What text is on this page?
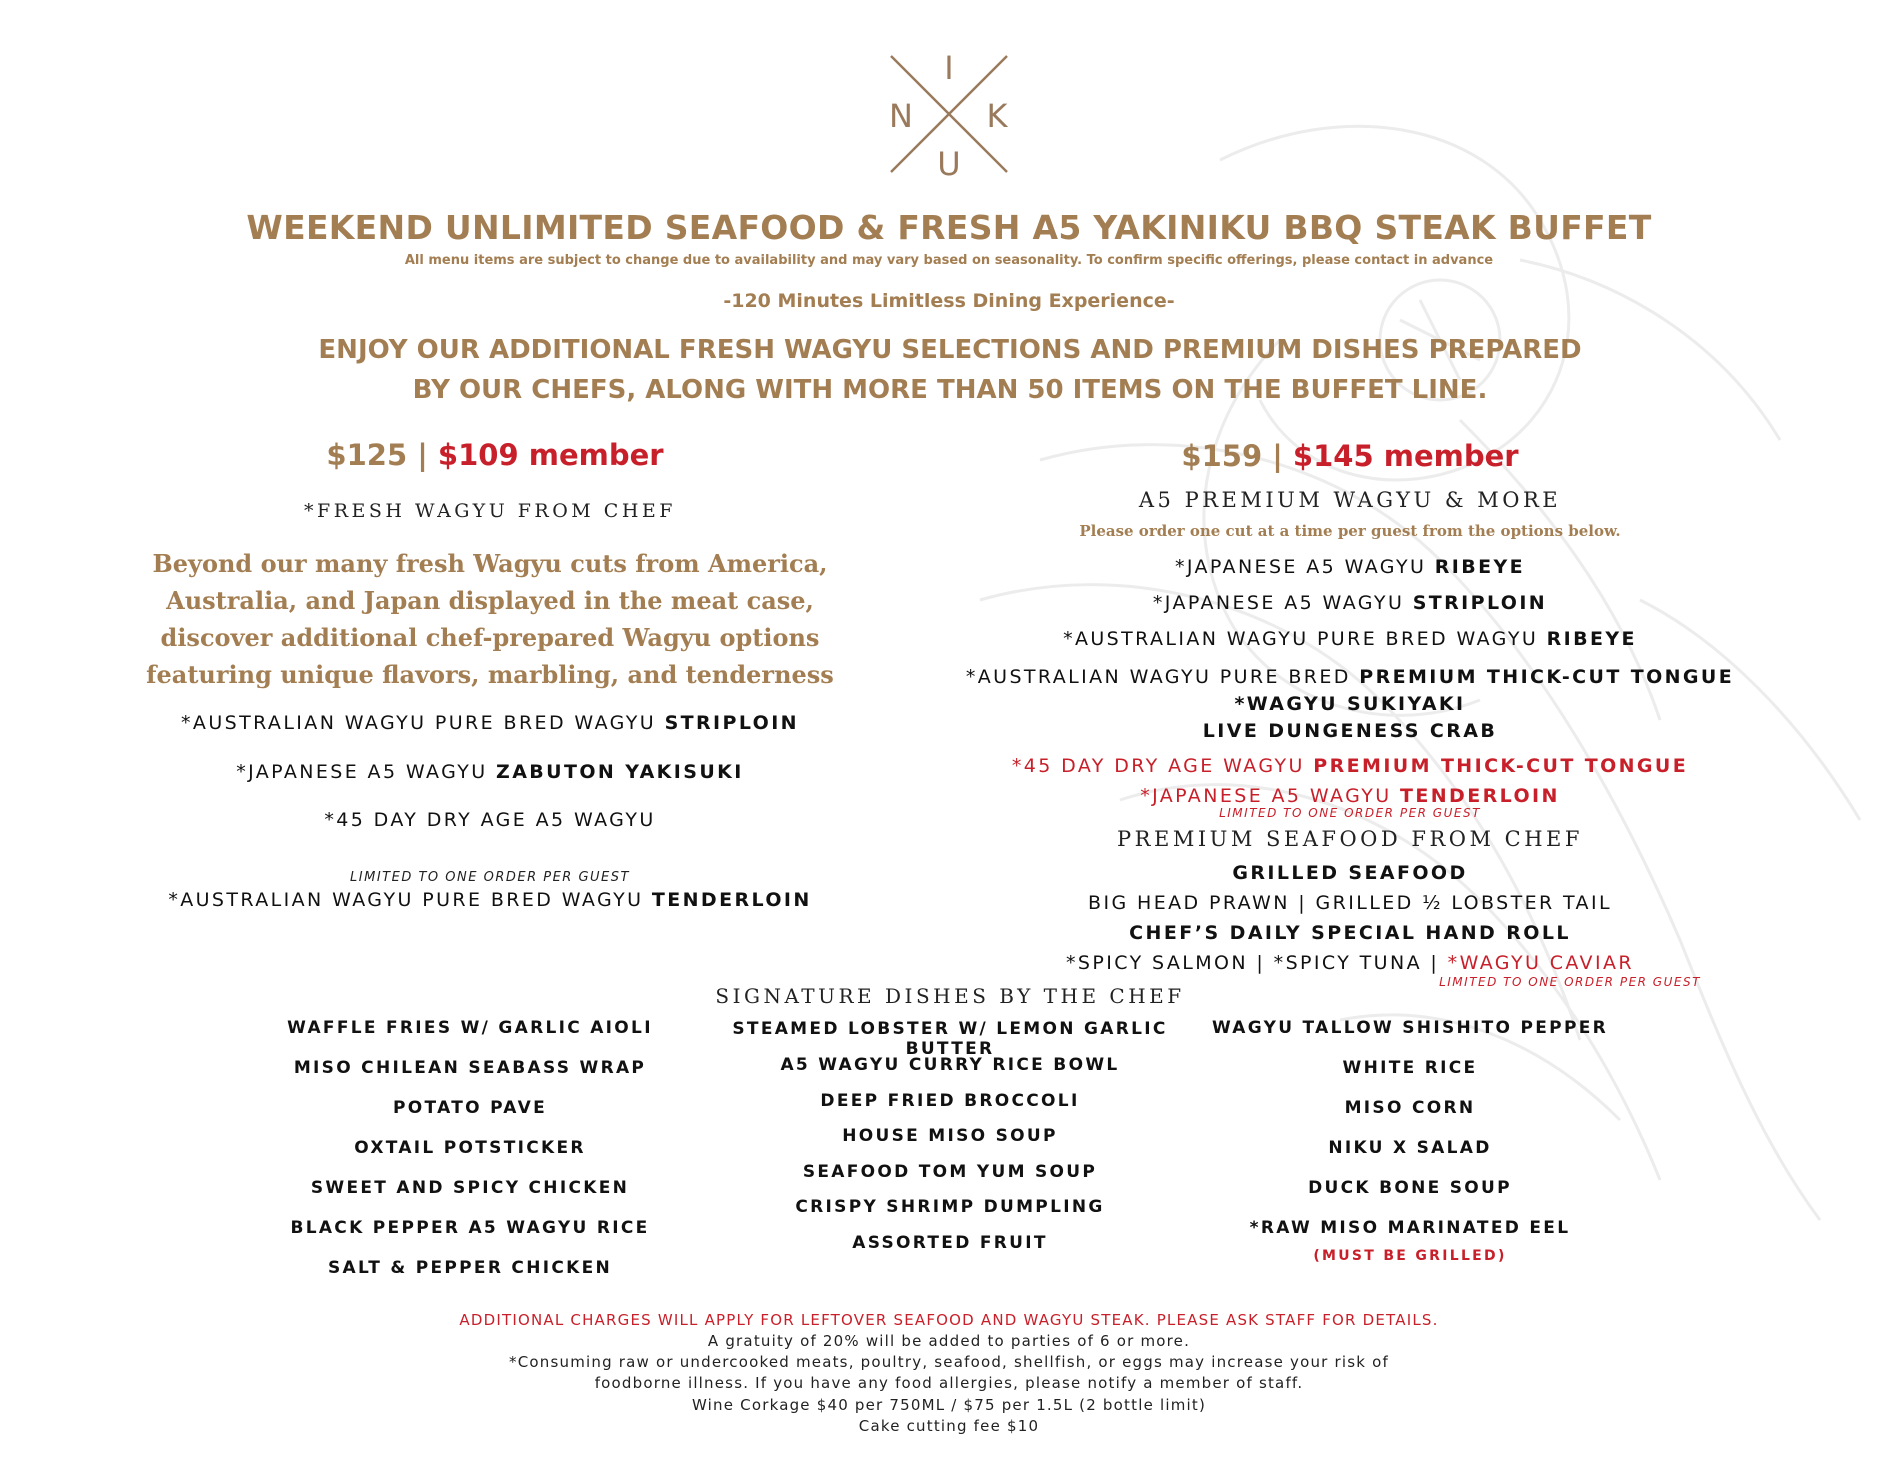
I
N K
U
WEEKEND UNLIMITED SEAFOOD & FRESH A5 YAKINIKU BBQ STEAK BUFFET
All menu items are subject to change due to availability and may vary based on seasonality. To confirm specific offerings, please contact in advance
-120 Minutes Limitless Dining Experience-
ENJOY OUR ADDITIONAL FRESH WAGYU SELECTIONS AND PREMIUM DISHES PREPARED
BY OUR CHEFS, ALONG WITH MORE THAN 50 ITEMS ON THE BUFFET LINE.
$125 | $109 member
*FRESH WAGYU FROM CHEF
Beyond our many fresh Wagyu cuts from America, Australia, and Japan displayed in the meat case, discover additional chef-prepared Wagyu options featuring unique flavors, marbling, and tenderness
*AUSTRALIAN WAGYU PURE BRED WAGYU STRIPLOIN
*JAPANESE A5 WAGYU ZABUTON YAKISUKI
*45 DAY DRY AGE A5 WAGYU
LIMITED TO ONE ORDER PER GUEST
*AUSTRALIAN WAGYU PURE BRED WAGYU TENDERLOIN
$159 | $145 member
A5 PREMIUM WAGYU & MORE
Please order one cut at a time per guest from the options below.
*JAPANESE A5 WAGYU RIBEYE
*JAPANESE A5 WAGYU STRIPLOIN
*AUSTRALIAN WAGYU PURE BRED WAGYU RIBEYE
*AUSTRALIAN WAGYU PURE BRED PREMIUM THICK-CUT TONGUE
*WAGYU SUKIYAKI
LIVE DUNGENESS CRAB
*45 DAY DRY AGE WAGYU PREMIUM THICK-CUT TONGUE
*JAPANESE A5 WAGYU TENDERLOIN
LIMITED TO ONE ORDER PER GUEST
PREMIUM SEAFOOD FROM CHEF
GRILLED SEAFOOD
BIG HEAD PRAWN | GRILLED ½ LOBSTER TAIL
CHEF’S DAILY SPECIAL HAND ROLL
*SPICY SALMON | *SPICY TUNA | *WAGYU CAVIAR
LIMITED TO ONE ORDER PER GUEST
SIGNATURE DISHES BY THE CHEF
WAFFLE FRIES W/ GARLIC AIOLI
MISO CHILEAN SEABASS WRAP
POTATO PAVE
OXTAIL POTSTICKER
SWEET AND SPICY CHICKEN
BLACK PEPPER A5 WAGYU RICE
SALT & PEPPER CHICKEN
STEAMED LOBSTER W/ LEMON GARLIC BUTTER
A5 WAGYU CURRY RICE BOWL
DEEP FRIED BROCCOLI
HOUSE MISO SOUP
SEAFOOD TOM YUM SOUP
CRISPY SHRIMP DUMPLING
ASSORTED FRUIT
WAGYU TALLOW SHISHITO PEPPER
WHITE RICE
MISO CORN
NIKU X SALAD
DUCK BONE SOUP
*RAW MISO MARINATED EEL
(MUST BE GRILLED)
ADDITIONAL CHARGES WILL APPLY FOR LEFTOVER SEAFOOD AND WAGYU STEAK. PLEASE ASK STAFF FOR DETAILS.
A gratuity of 20% will be added to parties of 6 or more.
*Consuming raw or undercooked meats, poultry, seafood, shellfish, or eggs may increase your risk of
foodborne illness. If you have any food allergies, please notify a member of staff.
Wine Corkage $40 per 750ML / $75 per 1.5L (2 bottle limit)
Cake cutting fee $10
